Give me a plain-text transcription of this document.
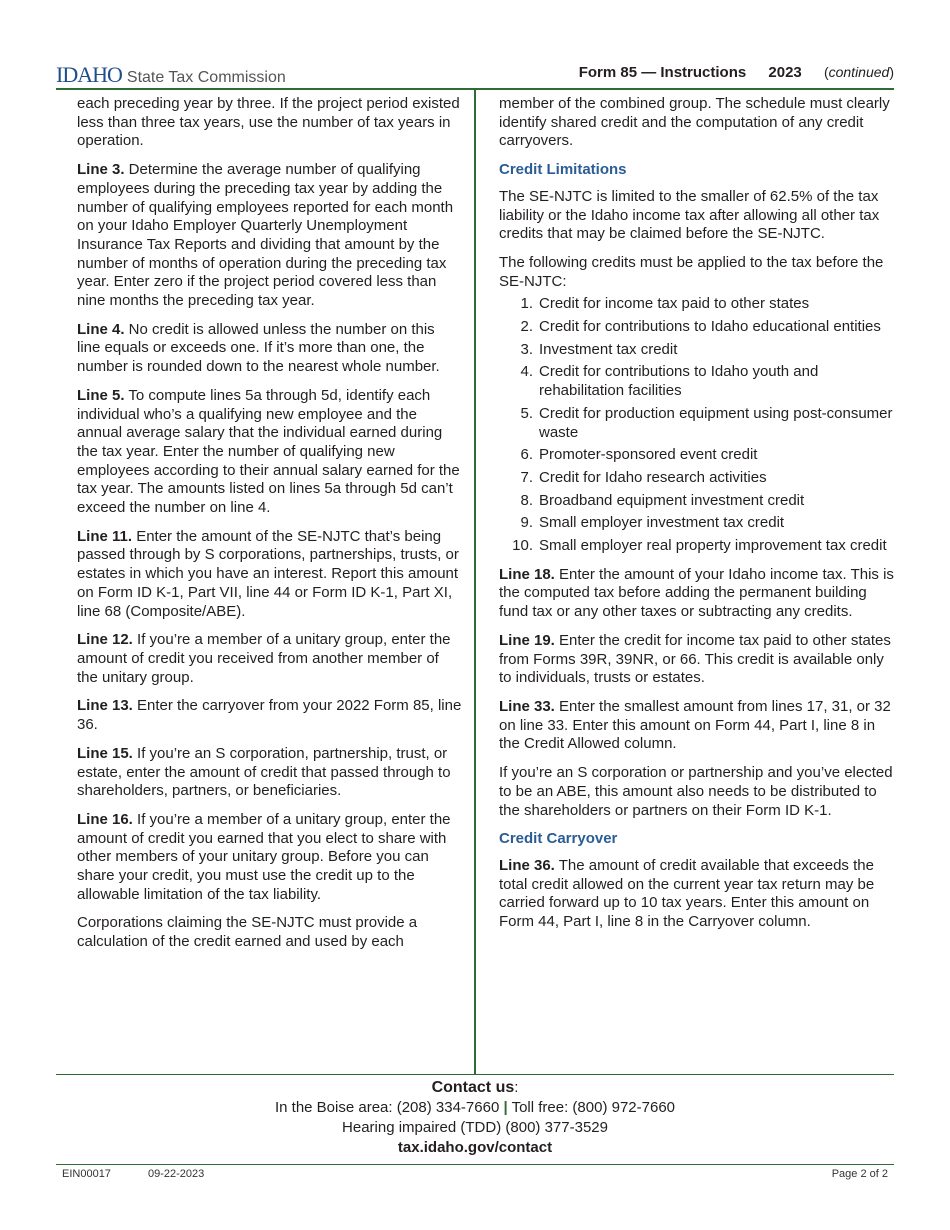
IDAHO State Tax Commission	Form 85 — Instructions 2023 (continued)

each preceding year by three. If the project period existed less than three tax years, use the number of tax years in operation.

Line 3. Determine the average number of qualifying employees during the preceding tax year by adding the number of qualifying employees reported for each month on your Idaho Employer Quarterly Unemployment Insurance Tax Reports and dividing that amount by the number of months of operation during the preceding tax year. Enter zero if the project period covered less than nine months the preceding tax year.

Line 4. No credit is allowed unless the number on this line equals or exceeds one. If it’s more than one, the number is rounded down to the nearest whole number.

Line 5. To compute lines 5a through 5d, identify each individual who’s a qualifying new employee and the annual average salary that the individual earned during the tax year. Enter the number of qualifying new employees according to their annual salary earned for the tax year. The amounts listed on lines 5a through 5d can’t exceed the number on line 4.

Line 11. Enter the amount of the SE-NJTC that’s being passed through by S corporations, partnerships, trusts, or estates in which you have an interest. Report this amount on Form ID K-1, Part VII, line 44 or Form ID K-1, Part XI, line 68 (Composite/ABE).

Line 12. If you’re a member of a unitary group, enter the amount of credit you received from another member of the unitary group.

Line 13. Enter the carryover from your 2022 Form 85, line 36.

Line 15. If you’re an S corporation, partnership, trust, or estate, enter the amount of credit that passed through to shareholders, partners, or beneficiaries.

Line 16. If you’re a member of a unitary group, enter the amount of credit you earned that you elect to share with other members of your unitary group. Before you can share your credit, you must use the credit up to the allowable limitation of the tax liability.

Corporations claiming the SE-NJTC must provide a calculation of the credit earned and used by each

member of the combined group. The schedule must clearly identify shared credit and the computation of any credit carryovers.

Credit Limitations

The SE-NJTC is limited to the smaller of 62.5% of the tax liability or the Idaho income tax after allowing all other tax credits that may be claimed before the SE-NJTC.

The following credits must be applied to the tax before the SE-NJTC:

1. Credit for income tax paid to other states
2. Credit for contributions to Idaho educational entities
3. Investment tax credit
4. Credit for contributions to Idaho youth and rehabilitation facilities
5. Credit for production equipment using post-consumer waste
6. Promoter-sponsored event credit
7. Credit for Idaho research activities
8. Broadband equipment investment credit
9. Small employer investment tax credit
10. Small employer real property improvement tax credit

Line 18. Enter the amount of your Idaho income tax. This is the computed tax before adding the permanent building fund tax or any other taxes or subtracting any credits.

Line 19. Enter the credit for income tax paid to other states from Forms 39R, 39NR, or 66. This credit is available only to individuals, trusts or estates.

Line 33. Enter the smallest amount from lines 17, 31, or 32 on line 33. Enter this amount on Form 44, Part I, line 8 in the Credit Allowed column.

If you’re an S corporation or partnership and you’ve elected to be an ABE, this amount also needs to be distributed to the shareholders or partners on their Form ID K-1.

Credit Carryover

Line 36. The amount of credit available that exceeds the total credit allowed on the current year tax return may be carried forward up to 10 tax years. Enter this amount on Form 44, Part I, line 8 in the Carryover column.

Contact us:
In the Boise area: (208) 334-7660 | Toll free: (800) 972-7660
Hearing impaired (TDD) (800) 377-3529
tax.idaho.gov/contact
EIN00017	09-22-2023	Page 2 of 2
